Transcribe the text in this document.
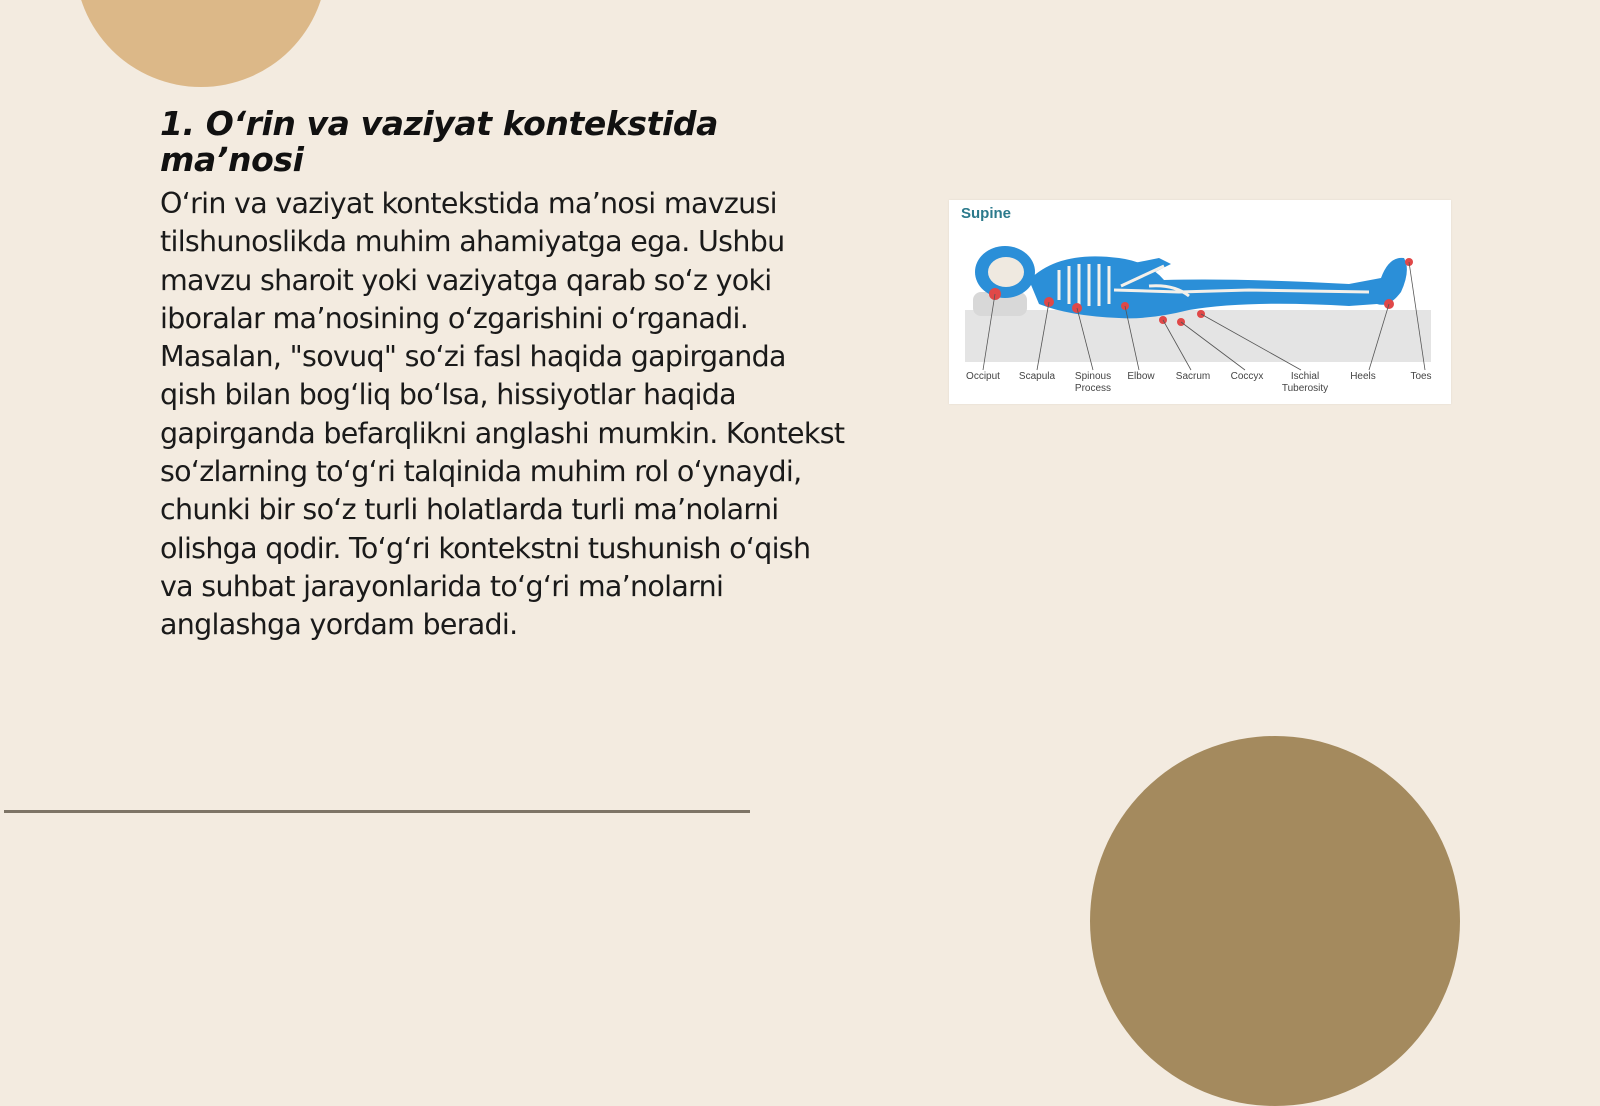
1. O‘rin va vaziyat kontekstida ma’nosi

O‘rin va vaziyat kontekstida ma’nosi mavzusi tilshunoslikda muhim ahamiyatga ega. Ushbu mavzu sharoit yoki vaziyatga qarab so‘z yoki iboralar ma’nosining o‘zgarishini o‘rganadi. Masalan, "sovuq" so‘zi fasl haqida gapirganda qish bilan bog‘liq bo‘lsa, hissiyotlar haqida gapirganda befarqlikni anglashi mumkin. Kontekst so‘zlarning to‘g‘ri talqinida muhim rol o‘ynaydi, chunki bir so‘z turli holatlarda turli ma’nolarni olishga qodir. To‘g‘ri kontekstni tushunish o‘qish va suhbat jarayonlarida to‘g‘ri ma’nolarni anglashga yordam beradi.

Supine
Occiput Scapula Spinous
Process
Elbow Sacrum Coccyx	Ischial
Tuberosity
Heels	Toes
